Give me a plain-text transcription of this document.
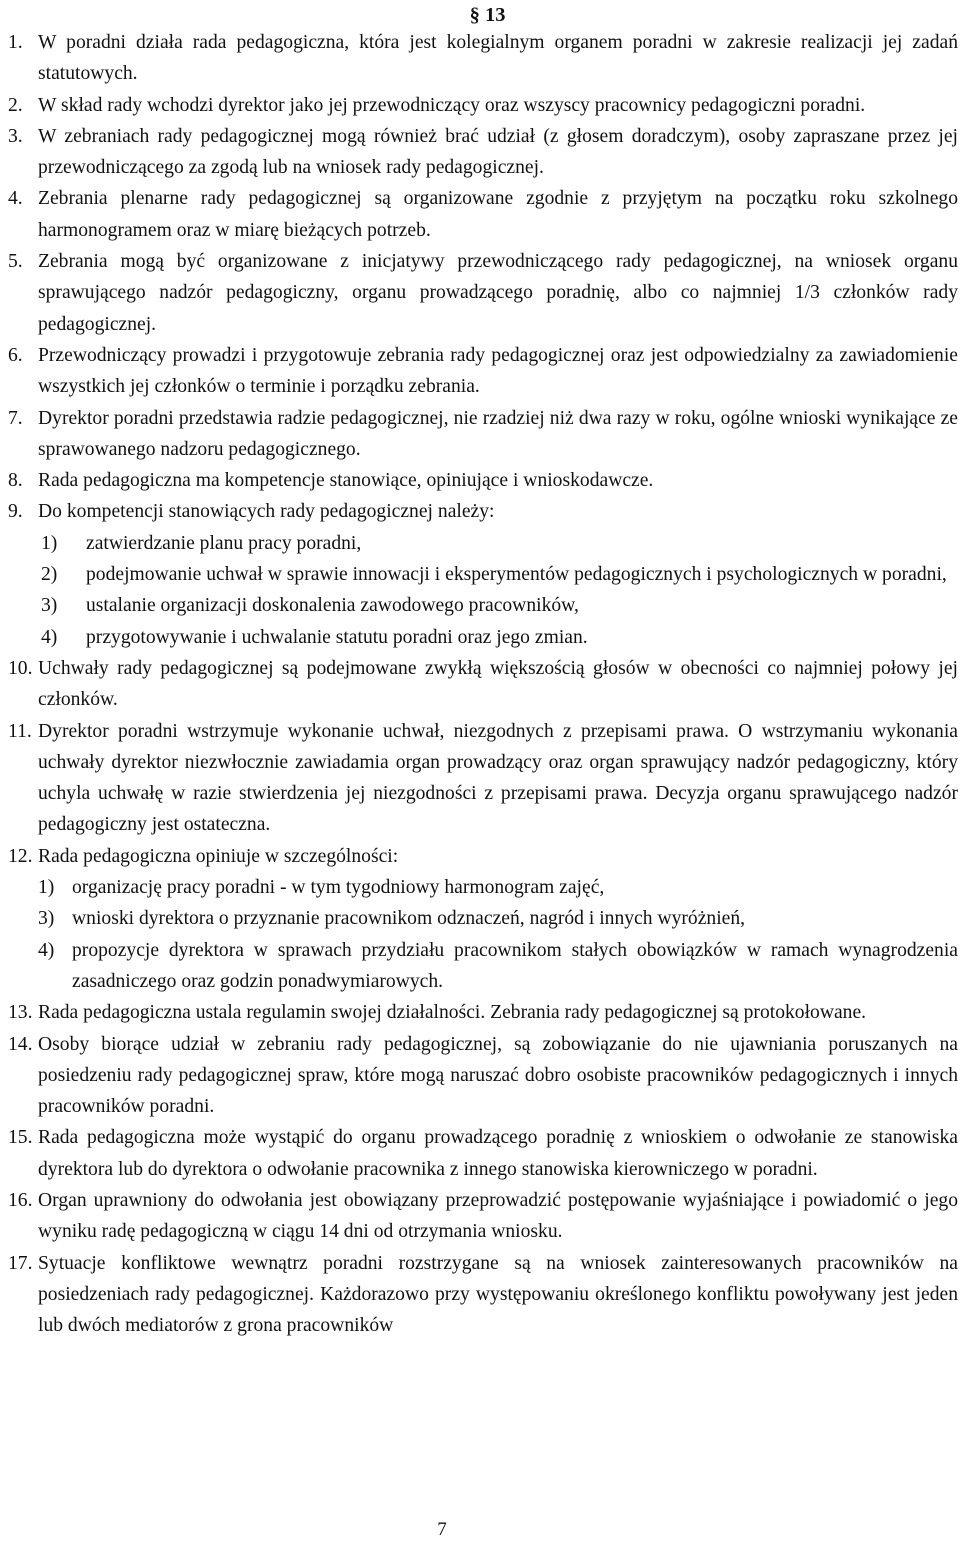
§ 13
1. W poradni działa rada pedagogiczna, która jest kolegialnym organem poradni w zakresie realizacji jej zadań statutowych.
2. W skład rady wchodzi dyrektor jako jej przewodniczący oraz wszyscy pracownicy pedagogiczni poradni.
3. W zebraniach rady pedagogicznej mogą również brać udział (z głosem doradczym), osoby zapraszane przez jej przewodniczącego za zgodą lub na wniosek rady pedagogicznej.
4. Zebrania plenarne rady pedagogicznej są organizowane zgodnie z przyjętym na początku roku szkolnego harmonogramem oraz w miarę bieżących potrzeb.
5. Zebrania mogą być organizowane z inicjatywy przewodniczącego rady pedagogicznej, na wniosek organu sprawującego nadzór pedagogiczny, organu prowadzącego poradnię, albo co najmniej 1/3 członków rady pedagogicznej.
6. Przewodniczący prowadzi i przygotowuje zebrania rady pedagogicznej oraz jest odpowiedzialny za zawiadomienie wszystkich jej członków o terminie i porządku zebrania.
7. Dyrektor poradni przedstawia radzie pedagogicznej, nie rzadziej niż dwa razy w roku, ogólne wnioski wynikające ze sprawowanego nadzoru pedagogicznego.
8. Rada pedagogiczna ma kompetencje stanowiące, opiniujące i wnioskodawcze.
9. Do kompetencji stanowiących rady pedagogicznej należy:
1) zatwierdzanie planu pracy poradni,
2) podejmowanie uchwał w sprawie innowacji i eksperymentów pedagogicznych i psychologicznych w poradni,
3) ustalanie organizacji doskonalenia zawodowego pracowników,
4) przygotowywanie i uchwalanie statutu poradni oraz jego zmian.
10. Uchwały rady pedagogicznej są podejmowane zwykłą większością głosów w obecności co najmniej połowy jej członków.
11. Dyrektor poradni wstrzymuje wykonanie uchwał, niezgodnych z przepisami prawa. O wstrzymaniu wykonania uchwały dyrektor niezwłocznie zawiadamia organ prowadzący oraz organ sprawujący nadzór pedagogiczny, który uchyla uchwałę w razie stwierdzenia jej niezgodności z przepisami prawa. Decyzja organu sprawującego nadzór pedagogiczny jest ostateczna.
12. Rada pedagogiczna opiniuje w szczególności:
1) organizację pracy poradni - w tym tygodniowy harmonogram zajęć,
3) wnioski dyrektora o przyznanie pracownikom odznaczeń, nagród i innych wyróżnień,
4) propozycje dyrektora w sprawach przydziału pracownikom stałych obowiązków w ramach wynagrodzenia zasadniczego oraz godzin ponadwymiarowych.
13. Rada pedagogiczna ustala regulamin swojej działalności. Zebrania rady pedagogicznej są protokołowane.
14. Osoby biorące udział w zebraniu rady pedagogicznej, są zobowiązanie do nie ujawniania poruszanych na posiedzeniu rady pedagogicznej spraw, które mogą naruszać dobro osobiste pracowników pedagogicznych i innych pracowników poradni.
15. Rada pedagogiczna może wystąpić do organu prowadzącego poradnię z wnioskiem o odwołanie ze stanowiska dyrektora lub do dyrektora o odwołanie pracownika z innego stanowiska kierowniczego w poradni.
16. Organ uprawniony do odwołania jest obowiązany przeprowadzić postępowanie wyjaśniające i powiadomić o jego wyniku radę pedagogiczną w ciągu 14 dni od otrzymania wniosku.
17. Sytuacje konfliktowe wewnątrz poradni rozstrzygane są na wniosek zainteresowanych pracowników na posiedzeniach rady pedagogicznej. Każdorazowo przy występowaniu określonego konfliktu powoływany jest jeden lub dwóch mediatorów z grona pracowników
7
